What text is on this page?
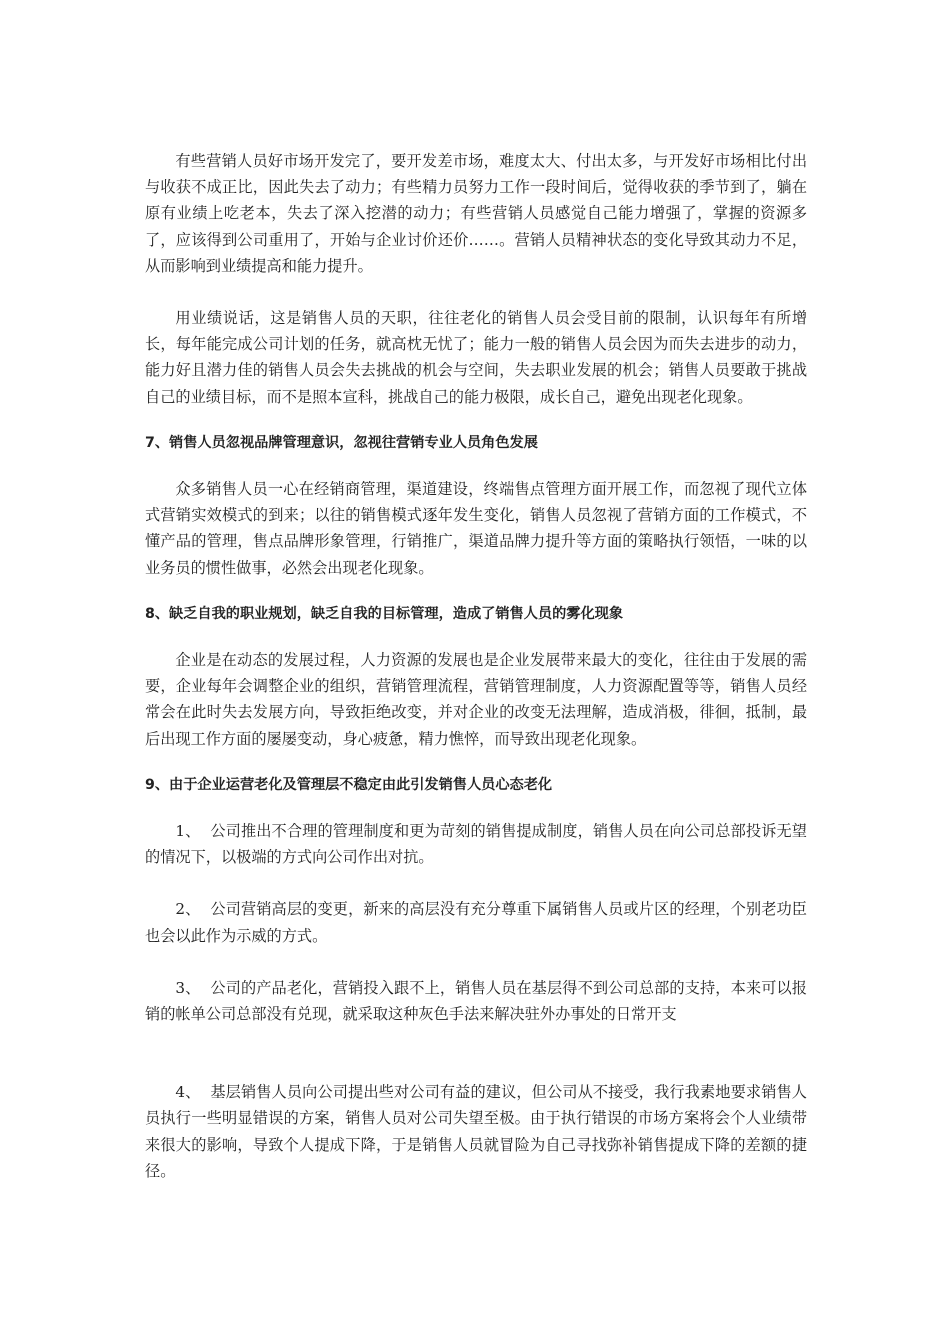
有些营销人员好市场开发完了，要开发差市场，难度太大、付出太多，与开发好市场相比付出与收获不成正比，因此失去了动力；有些精力员努力工作一段时间后，觉得收获的季节到了，躺在原有业绩上吃老本，失去了深入挖潜的动力；有些营销人员感觉自己能力增强了，掌握的资源多了，应该得到公司重用了，开始与企业讨价还价……。营销人员精神状态的变化导致其动力不足，从而影响到业绩提高和能力提升。

用业绩说话，这是销售人员的天职，往往老化的销售人员会受目前的限制，认识每年有所增长，每年能完成公司计划的任务，就高枕无忧了；能力一般的销售人员会因为而失去进步的动力，能力好且潜力佳的销售人员会失去挑战的机会与空间，失去职业发展的机会；销售人员要敢于挑战自己的业绩目标，而不是照本宣科，挑战自己的能力极限，成长自己，避免出现老化现象。

7、销售人员忽视品牌管理意识，忽视往营销专业人员角色发展

众多销售人员一心在经销商管理，渠道建设，终端售点管理方面开展工作，而忽视了现代立体式营销实效模式的到来；以往的销售模式逐年发生变化，销售人员忽视了营销方面的工作模式，不懂产品的管理，售点品牌形象管理，行销推广，渠道品牌力提升等方面的策略执行领悟，一味的以业务员的惯性做事，必然会出现老化现象。

8、缺乏自我的职业规划，缺乏自我的目标管理，造成了销售人员的雾化现象

企业是在动态的发展过程，人力资源的发展也是企业发展带来最大的变化，往往由于发展的需要，企业每年会调整企业的组织，营销管理流程，营销管理制度，人力资源配置等等，销售人员经常会在此时失去发展方向，导致拒绝改变，并对企业的改变无法理解，造成消极，徘徊，抵制，最后出现工作方面的屡屡变动，身心疲惫，精力憔悴，而导致出现老化现象。

9、由于企业运营老化及管理层不稳定由此引发销售人员心态老化

1、  公司推出不合理的管理制度和更为苛刻的销售提成制度，销售人员在向公司总部投诉无望的情况下，以极端的方式向公司作出对抗。

2、  公司营销高层的变更，新来的高层没有充分尊重下属销售人员或片区的经理，个别老功臣也会以此作为示威的方式。

3、  公司的产品老化，营销投入跟不上，销售人员在基层得不到公司总部的支持，本来可以报销的帐单公司总部没有兑现，就采取这种灰色手法来解决驻外办事处的日常开支

4、  基层销售人员向公司提出些对公司有益的建议，但公司从不接受，我行我素地要求销售人员执行一些明显错误的方案，销售人员对公司失望至极。由于执行错误的市场方案将会个人业绩带来很大的影响，导致个人提成下降，于是销售人员就冒险为自己寻找弥补销售提成下降的差额的捷径。
